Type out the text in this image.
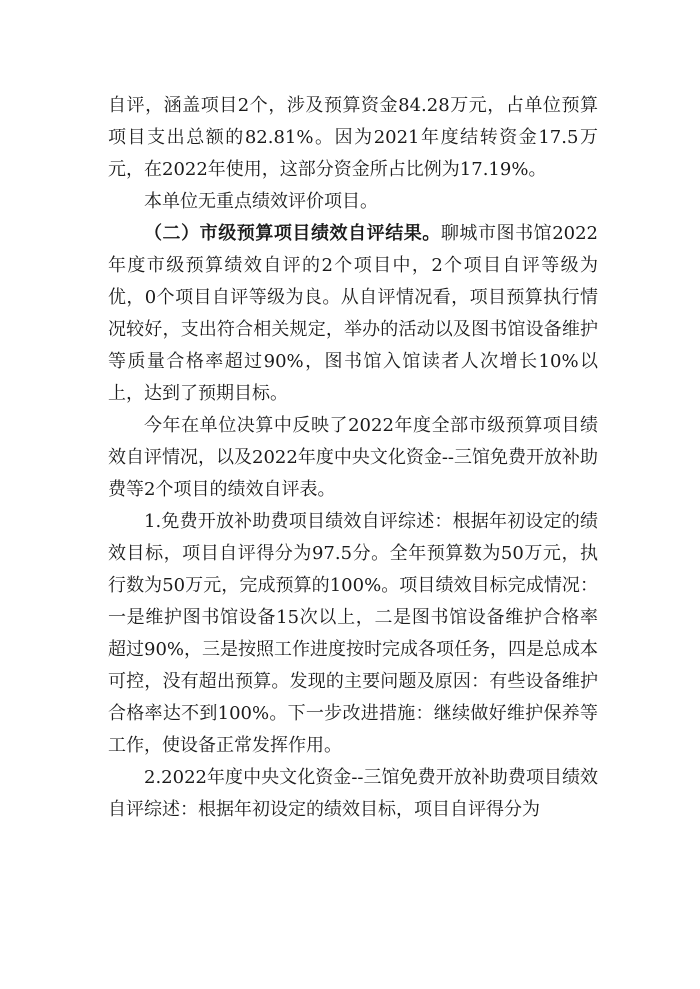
自评，涵盖项目2个，涉及预算资金84.28万元，占单位预算项目支出总额的82.81%。因为2021年度结转资金17.5万元，在2022年使用，这部分资金所占比例为17.19%。

本单位无重点绩效评价项目。

（二）市级预算项目绩效自评结果。聊城市图书馆2022年度市级预算绩效自评的2个项目中，2个项目自评等级为优，0个项目自评等级为良。从自评情况看，项目预算执行情况较好，支出符合相关规定，举办的活动以及图书馆设备维护等质量合格率超过90%，图书馆入馆读者人次增长10%以上，达到了预期目标。

今年在单位决算中反映了2022年度全部市级预算项目绩效自评情况，以及2022年度中央文化资金--三馆免费开放补助费等2个项目的绩效自评表。

1.免费开放补助费项目绩效自评综述：根据年初设定的绩效目标，项目自评得分为97.5分。全年预算数为50万元，执行数为50万元，完成预算的100%。项目绩效目标完成情况：一是维护图书馆设备15次以上，二是图书馆设备维护合格率超过90%，三是按照工作进度按时完成各项任务，四是总成本可控，没有超出预算。发现的主要问题及原因：有些设备维护合格率达不到100%。下一步改进措施：继续做好维护保养等工作，使设备正常发挥作用。

2.2022年度中央文化资金--三馆免费开放补助费项目绩效自评综述：根据年初设定的绩效目标，项目自评得分为
